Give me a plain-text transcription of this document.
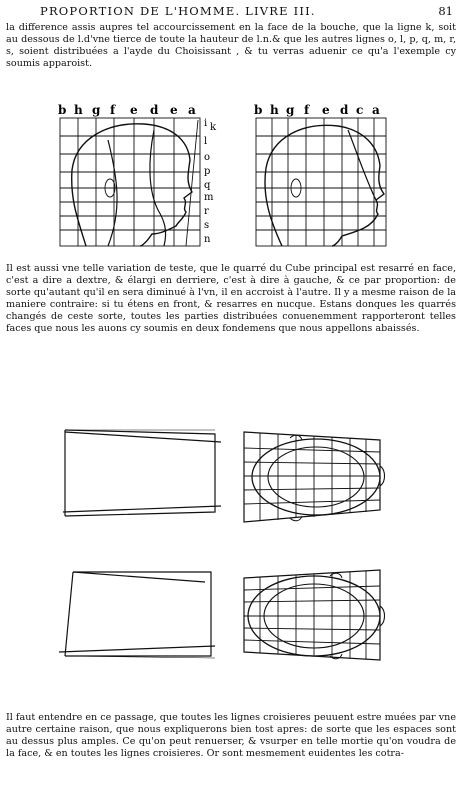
PROPORTION DE L'HOMME. LIVRE III.	81

la difference assis aupres tel accourcissement en la face de la bouche, que la ligne k, soit au dessous de l.d'vne tierce de toute la hauteur de l.n.& que les autres lignes o, l, p, q, m, r, s, soient distribuées a l'ayde du Choisissant , & tu verras aduenir ce qu'a l'exemple cy soumis apparoist.

b h g f e d e a
i k
l
o
p
q
m
r
s
n
b h g f e d c a

Il est aussi vne telle variation de teste, que le quarré du Cube principal est resarré en face, c'est a dire a dextre, & élargi en derriere, c'est à dire à gauche, & ce par proportion: de sorte qu'autant qu'il en sera diminué à l'vn, il en accroist à l'autre. Il y a mesme raison de la maniere contraire: si tu étens en front, & resarres en nucque. Estans donques les quarrés changés de ceste sorte, toutes les parties distribuées conuenemment rapporteront telles faces que nous les auons cy soumis en deux fondemens que nous appellons abaissés.

Il faut entendre en ce passage, que toutes les lignes croisieres peuuent estre muées par vne autre certaine raison, que nous expliquerons bien tost apres: de sorte que les espaces sont au dessus plus amples. Ce qu'on peut renuerser, & vsurper en telle mortie qu'on voudra de la face, & en toutes les lignes croisieres. Or sont mesmement euidentes les cotra-
